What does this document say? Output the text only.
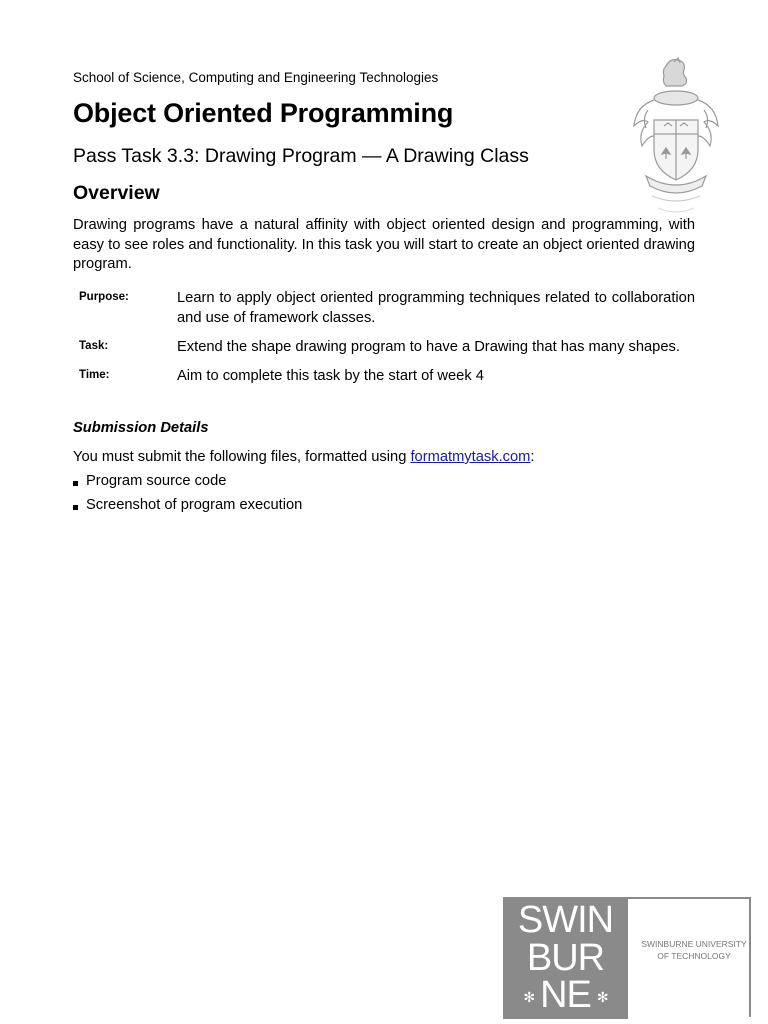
School of Science, Computing and Engineering Technologies
Object Oriented Programming
Pass Task 3.3: Drawing Program — A Drawing Class
Overview

Drawing programs have a natural affinity with object oriented design and programming, with easy to see roles and functionality. In this task you will start to create an object oriented drawing program.

Purpose:	Learn to apply object oriented programming techniques related to collaboration and use of framework classes.
Task:	Extend the shape drawing program to have a Drawing that has many shapes.
Time:	Aim to complete this task by the start of week 4
Submission Details

You must submit the following files, formatted using formatmytask.com:

Program source code
Screenshot of program execution
SWIN
BUR
✻ NE ✻
SWINBURNE UNIVERSITY
OF TECHNOLOGY
